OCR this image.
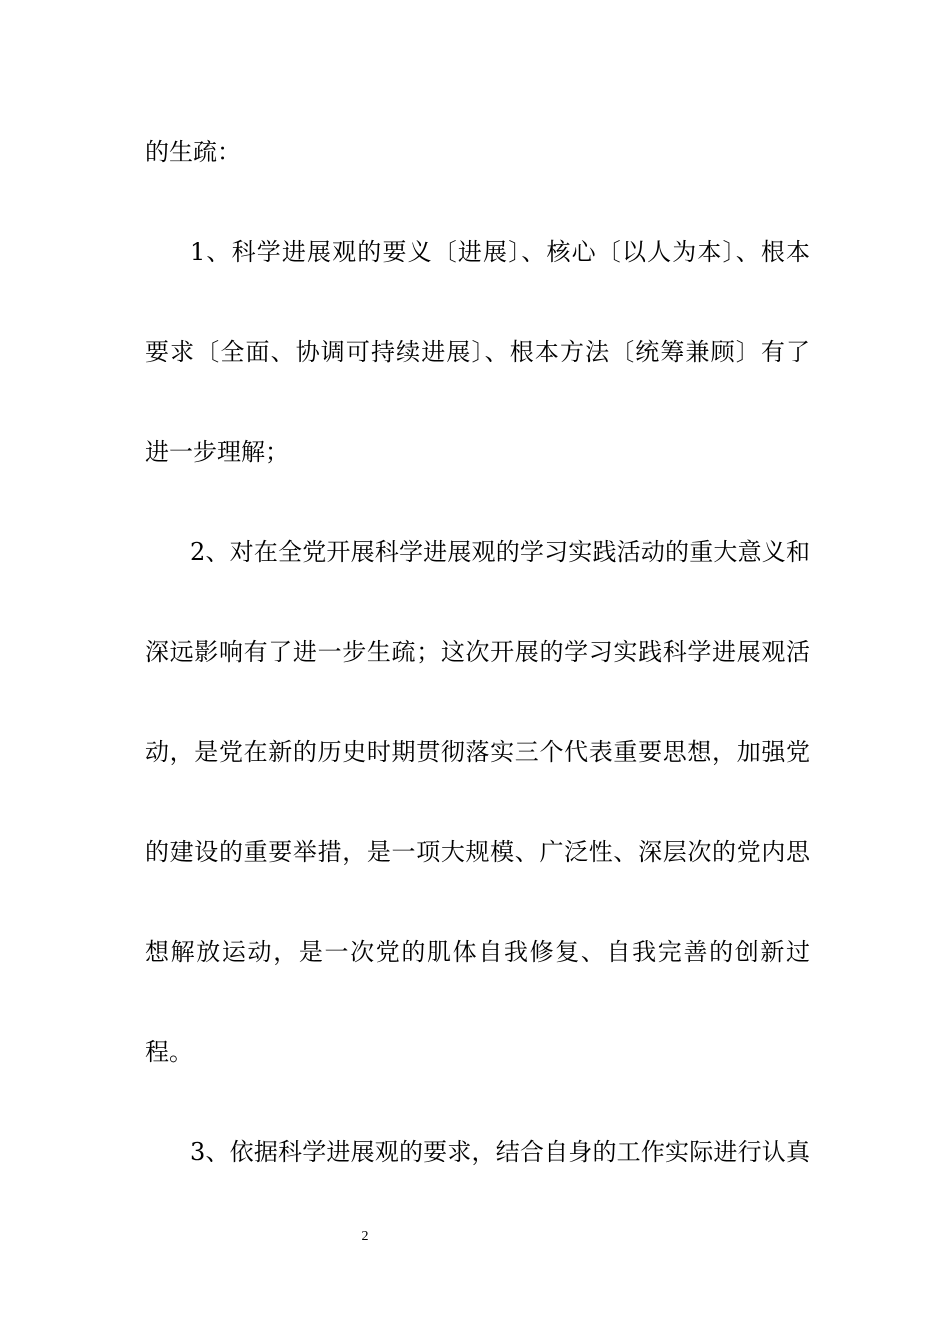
的生疏：
1、科学进展观的要义〔进展〕、核心〔以人为本〕、根本
要求〔全面、协调可持续进展〕、根本方法〔统筹兼顾〕有了
进一步理解；
2、对在全党开展科学进展观的学习实践活动的重大意义和
深远影响有了进一步生疏；这次开展的学习实践科学进展观活
动，是党在新的历史时期贯彻落实三个代表重要思想，加强党
的建设的重要举措，是一项大规模、广泛性、深层次的党内思
想解放运动，是一次党的肌体自我修复、自我完善的创新过
程。
3、依据科学进展观的要求，结合自身的工作实际进行认真
2
